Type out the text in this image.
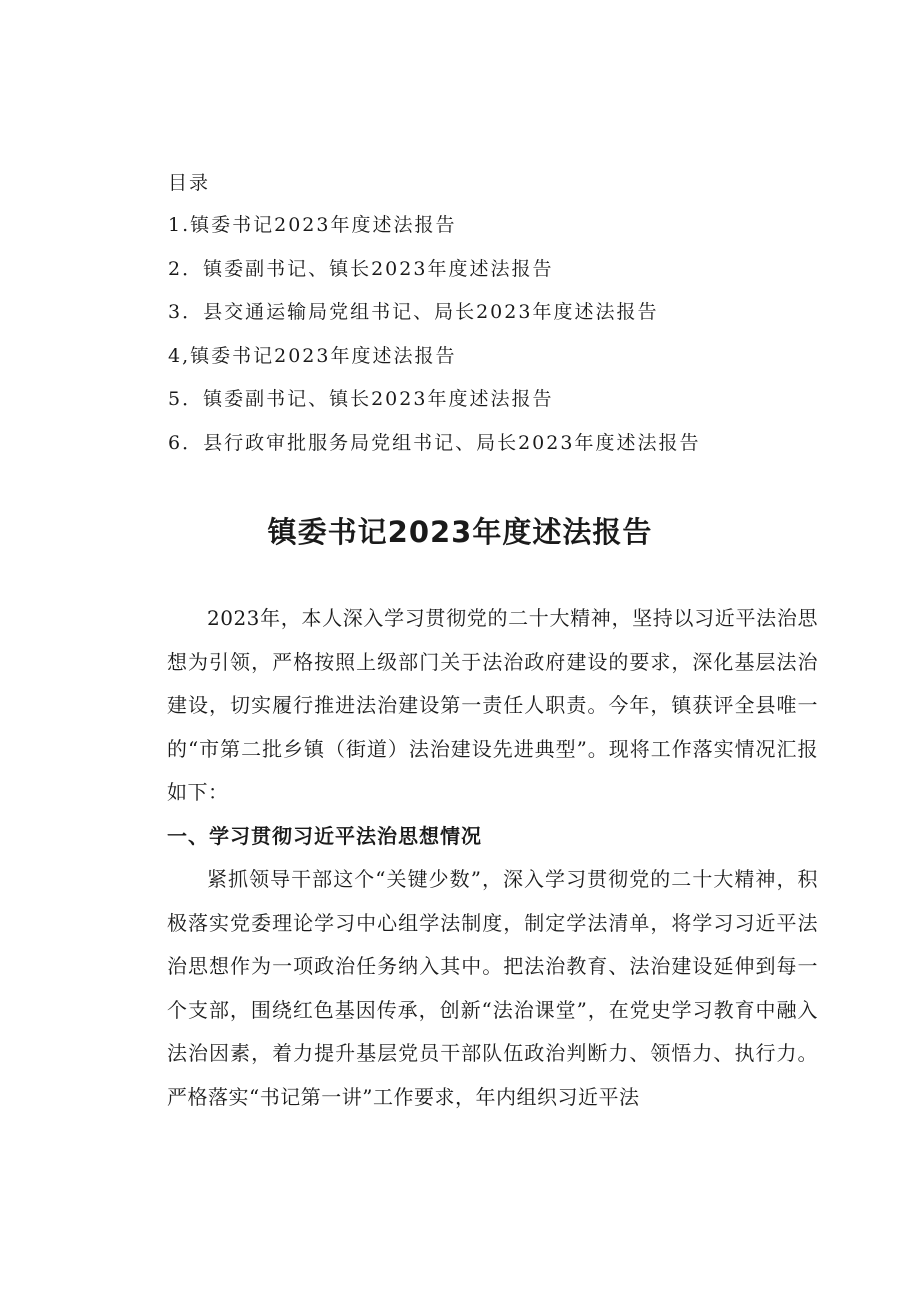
目录

1.镇委书记2023年度述法报告
2．镇委副书记、镇长2023年度述法报告
3．县交通运输局党组书记、局长2023年度述法报告
4,镇委书记2023年度述法报告
5．镇委副书记、镇长2023年度述法报告
6．县行政审批服务局党组书记、局长2023年度述法报告
镇委书记2023年度述法报告

2023年，本人深入学习贯彻党的二十大精神，坚持以习近平法治思想为引领，严格按照上级部门关于法治政府建设的要求，深化基层法治建设，切实履行推进法治建设第一责任人职责。今年，镇获评全县唯一的“市第二批乡镇（街道）法治建设先进典型”。现将工作落实情况汇报如下：

一、学习贯彻习近平法治思想情况

紧抓领导干部这个“关键少数”，深入学习贯彻党的二十大精神，积极落实党委理论学习中心组学法制度，制定学法清单，将学习习近平法治思想作为一项政治任务纳入其中。把法治教育、法治建设延伸到每一个支部，围绕红色基因传承，创新“法治课堂”，在党史学习教育中融入法治因素，着力提升基层党员干部队伍政治判断力、领悟力、执行力。严格落实“书记第一讲”工作要求，年内组织习近平法
